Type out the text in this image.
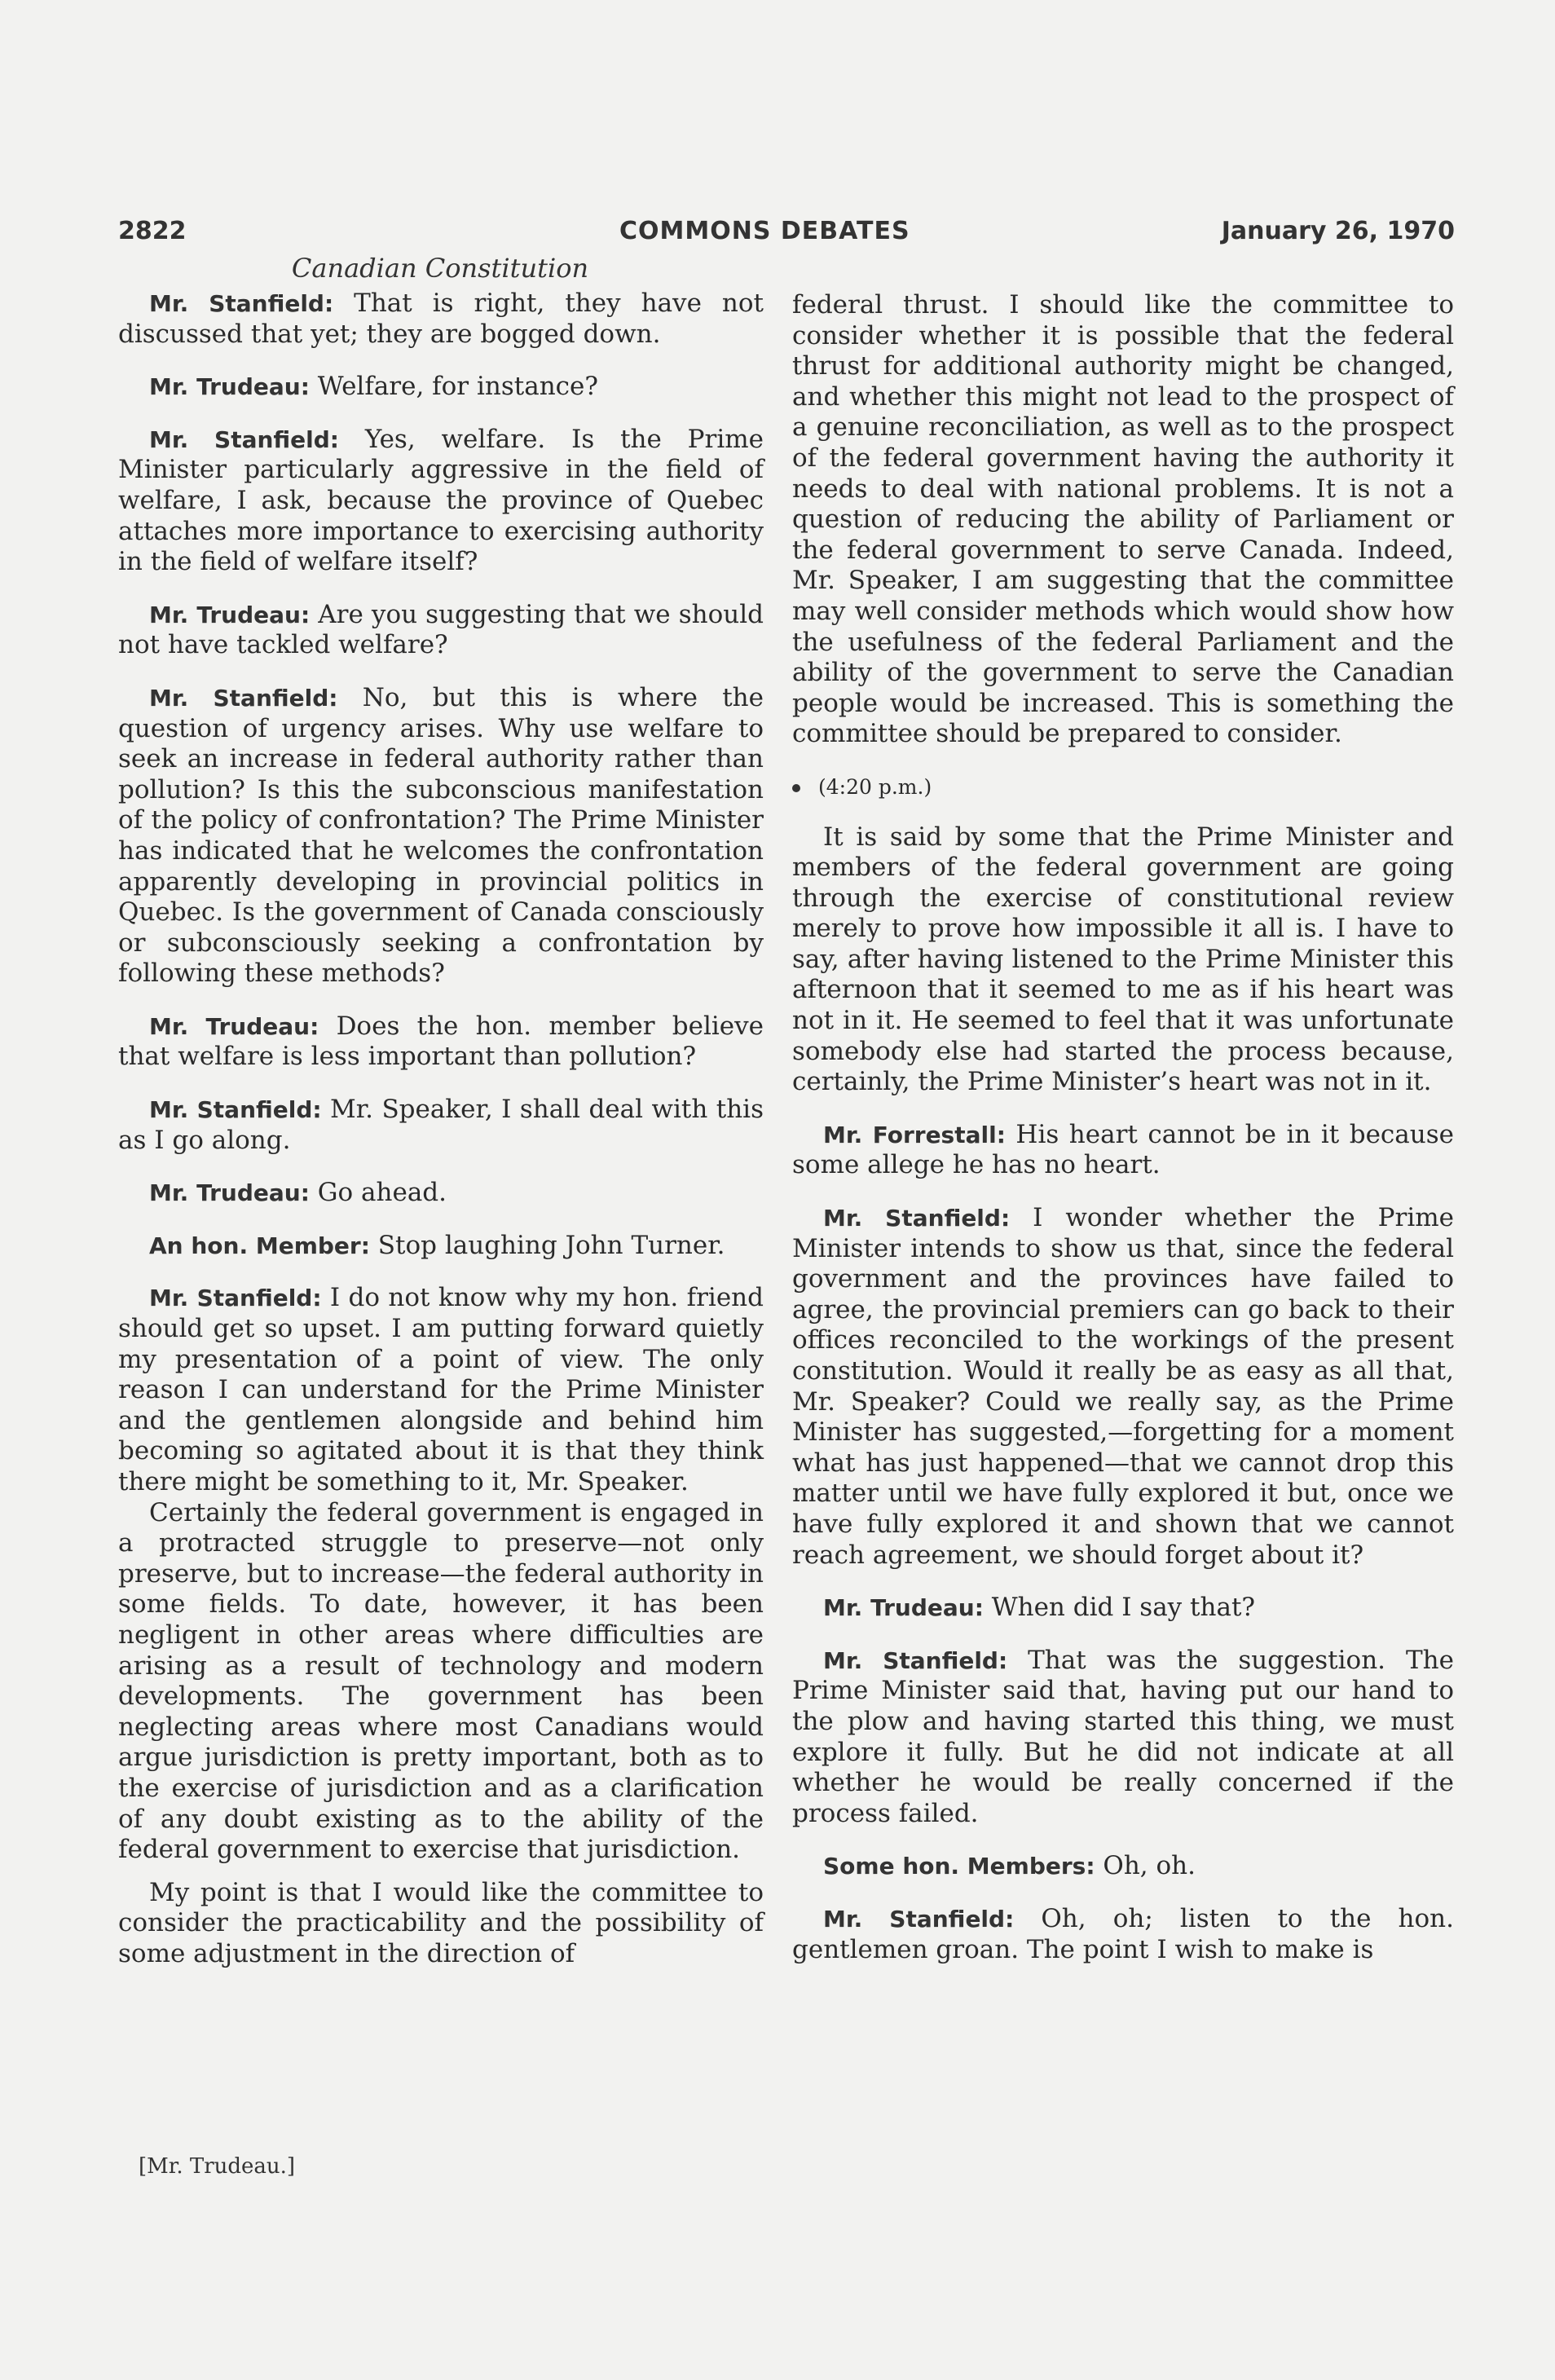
2822	COMMONS DEBATES	January 26, 1970
Canadian Constitution

Mr. Stanfield: That is right, they have not discussed that yet; they are bogged down.

Mr. Trudeau: Welfare, for instance?

Mr. Stanfield: Yes, welfare. Is the Prime Minister particularly aggressive in the field of welfare, I ask, because the province of Quebec attaches more importance to exercising authority in the field of welfare itself?

Mr. Trudeau: Are you suggesting that we should not have tackled welfare?

Mr. Stanfield: No, but this is where the question of urgency arises. Why use welfare to seek an increase in federal authority rather than pollution? Is this the subconscious manifestation of the policy of confrontation? The Prime Minister has indicated that he welcomes the confrontation apparently developing in provincial politics in Quebec. Is the government of Canada consciously or subconsciously seeking a confrontation by following these methods?

Mr. Trudeau: Does the hon. member believe that welfare is less important than pollution?

Mr. Stanfield: Mr. Speaker, I shall deal with this as I go along.

Mr. Trudeau: Go ahead.

An hon. Member: Stop laughing John Turner.

Mr. Stanfield: I do not know why my hon. friend should get so upset. I am putting forward quietly my presentation of a point of view. The only reason I can understand for the Prime Minister and the gentlemen alongside and behind him becoming so agitated about it is that they think there might be something to it, Mr. Speaker.

Certainly the federal government is engaged in a protracted struggle to preserve—not only preserve, but to increase—the federal authority in some fields. To date, however, it has been negligent in other areas where difficulties are arising as a result of technology and modern developments. The government has been neglecting areas where most Canadians would argue jurisdiction is pretty important, both as to the exercise of jurisdiction and as a clarification of any doubt existing as to the ability of the federal government to exercise that jurisdiction.

My point is that I would like the committee to consider the practicability and the possibility of some adjustment in the direction of

federal thrust. I should like the committee to consider whether it is possible that the federal thrust for additional authority might be changed, and whether this might not lead to the prospect of a genuine reconciliation, as well as to the prospect of the federal government having the authority it needs to deal with national problems. It is not a question of reducing the ability of Parliament or the federal government to serve Canada. Indeed, Mr. Speaker, I am suggesting that the committee may well consider methods which would show how the usefulness of the federal Parliament and the ability of the government to serve the Canadian people would be increased. This is something the committee should be prepared to consider.

(4:20 p.m.)

It is said by some that the Prime Minister and members of the federal government are going through the exercise of constitutional review merely to prove how impossible it all is. I have to say, after having listened to the Prime Minister this afternoon that it seemed to me as if his heart was not in it. He seemed to feel that it was unfortunate somebody else had started the process because, certainly, the Prime Minister’s heart was not in it.

Mr. Forrestall: His heart cannot be in it because some allege he has no heart.

Mr. Stanfield: I wonder whether the Prime Minister intends to show us that, since the federal government and the provinces have failed to agree, the provincial premiers can go back to their offices reconciled to the workings of the present constitution. Would it really be as easy as all that, Mr. Speaker? Could we really say, as the Prime Minister has suggested,—forgetting for a moment what has just happened—that we cannot drop this matter until we have fully explored it but, once we have fully explored it and shown that we cannot reach agreement, we should forget about it?

Mr. Trudeau: When did I say that?

Mr. Stanfield: That was the suggestion. The Prime Minister said that, having put our hand to the plow and having started this thing, we must explore it fully. But he did not indicate at all whether he would be really concerned if the process failed.

Some hon. Members: Oh, oh.

Mr. Stanfield: Oh, oh; listen to the hon. gentlemen groan. The point I wish to make is

[Mr. Trudeau.]
